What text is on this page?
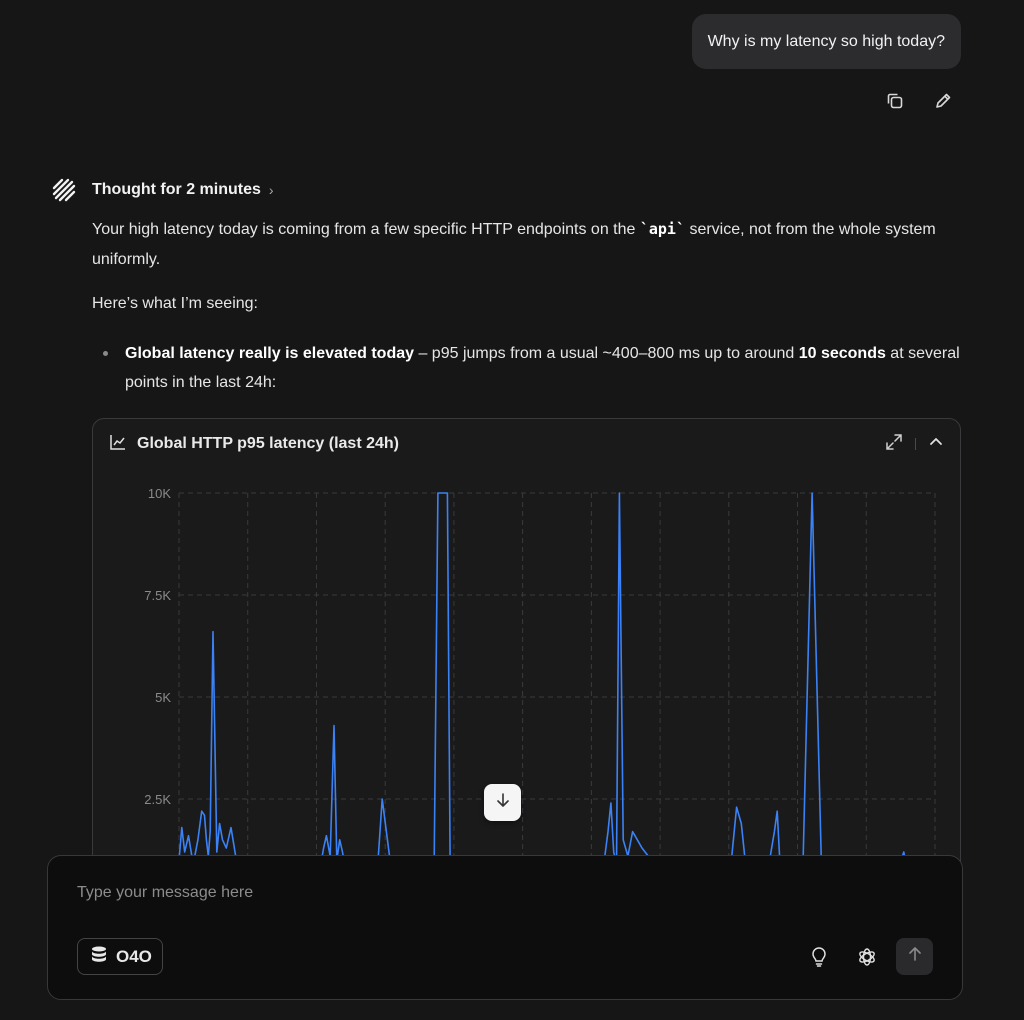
Why is my latency so high today?
Thought for 2 minutes ›
Your high latency today is coming from a few specific HTTP endpoints on the `api` service, not from the whole system uniformly.
Here’s what I’m seeing:
Global latency really is elevated today – p95 jumps from a usual ~400–800 ms up to around 10 seconds at several points in the last 24h:
10K
7.5K
5K
2.5K
Global HTTP p95 latency (last 24h)
Type your message here
O4O
